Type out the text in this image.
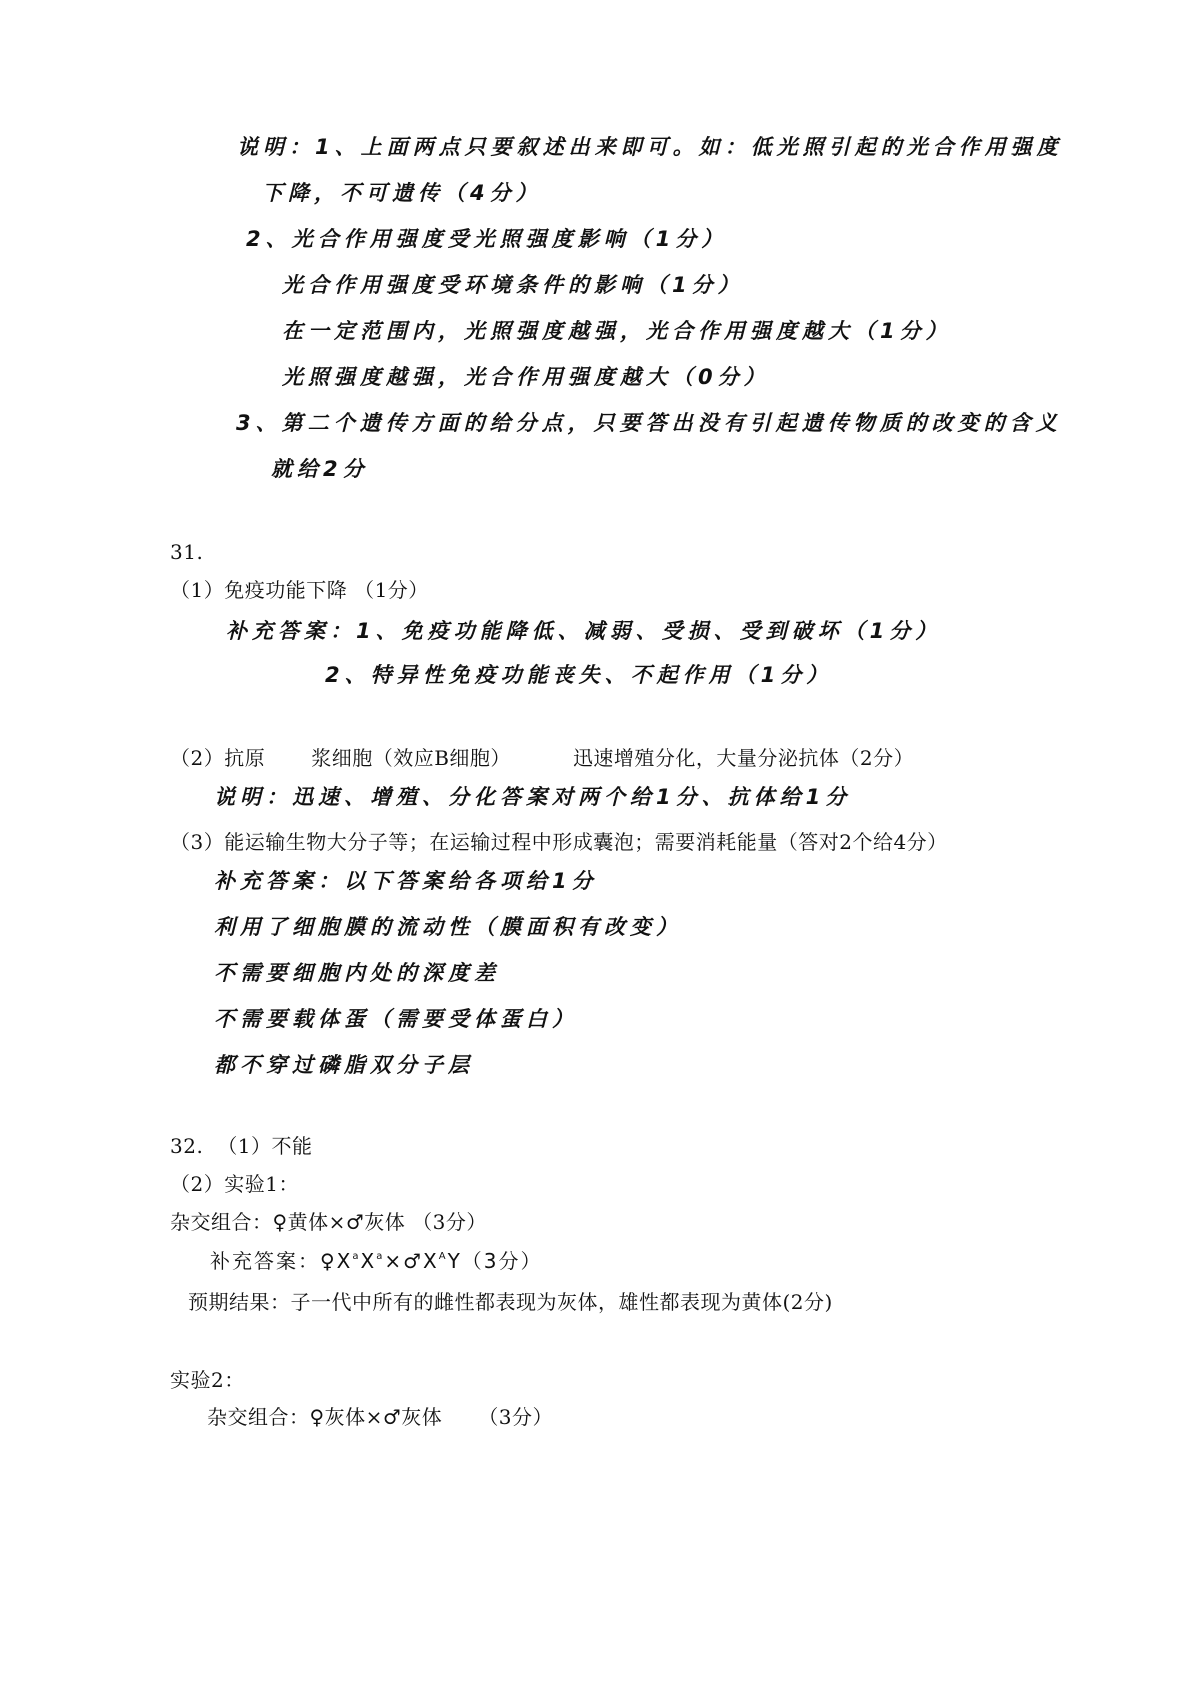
说明：1、上面两点只要叙述出来即可。如：低光照引起的光合作用强度
下降，不可遗传（4分）
2、光合作用强度受光照强度影响（1分）
光合作用强度受环境条件的影响（1分）
在一定范围内，光照强度越强，光合作用强度越大（1分）
光照强度越强，光合作用强度越大（0分）
3、第二个遗传方面的给分点，只要答出没有引起遗传物质的改变的含义
就给2分
31.
（1）免疫功能下降 （1分）
补充答案：1、免疫功能降低、减弱、受损、受到破坏（1分）
2、特异性免疫功能丧失、不起作用（1分）
（2）抗原 浆细胞（效应B细胞）	迅速增殖分化，大量分泌抗体（2分）
说明：迅速、增殖、分化答案对两个给1分、抗体给1分
（3）能运输生物大分子等；在运输过程中形成囊泡；需要消耗能量（答对2个给4分）
补充答案：以下答案给各项给1分
利用了细胞膜的流动性（膜面积有改变）
不需要细胞内处的深度差
不需要载体蛋（需要受体蛋白）
都不穿过磷脂双分子层
32. （1）不能
（2）实验1：
杂交组合：♀黄体×♂灰体 （3分）
补充答案：$♀X^aX^a\times♂X^AY(3$分）
预期结果：子一代中所有的雌性都表现为灰体，雄性都表现为黄体(2分)
实验2：
杂交组合：♀灰体×♂灰体 （3分）
